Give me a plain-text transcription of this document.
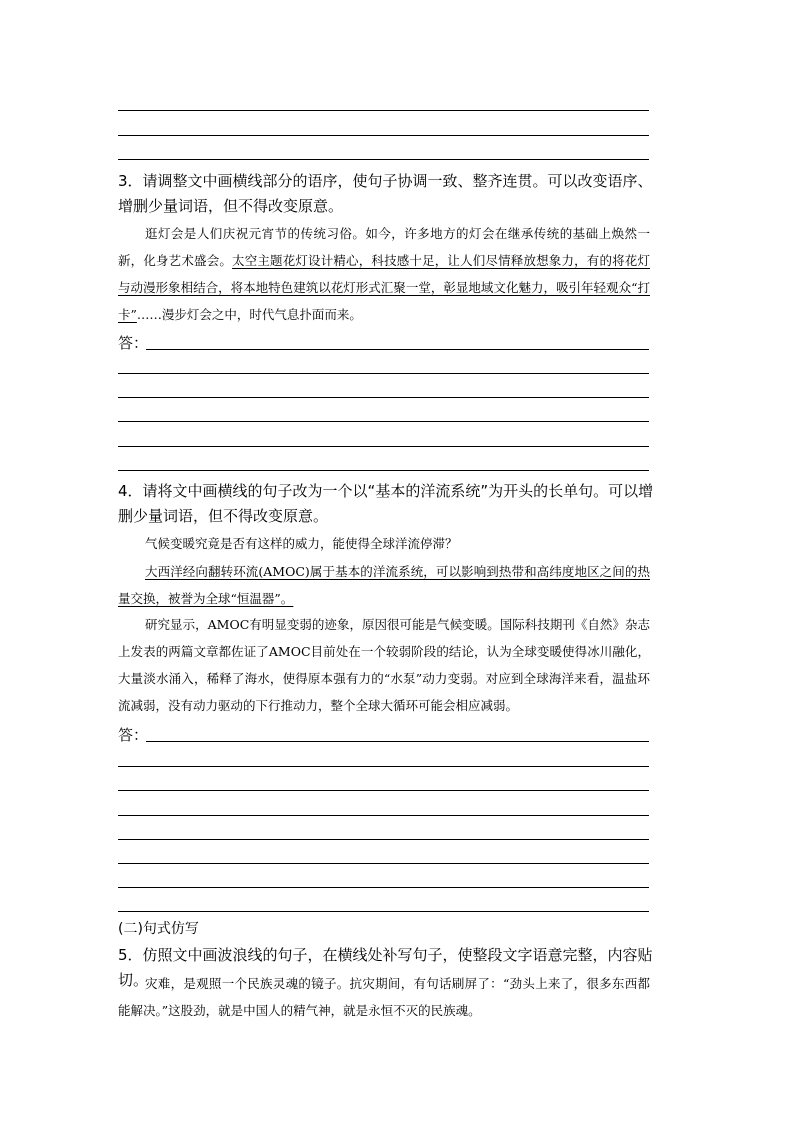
3．请调整文中画横线部分的语序，使句子协调一致、整齐连贯。可以改变语序、增删少量词语，但不得改变原意。
逛灯会是人们庆祝元宵节的传统习俗。如今，许多地方的灯会在继承传统的基础上焕然一新，化身艺术盛会。太空主题花灯设计精心，科技感十足，让人们尽情释放想象力，有的将花灯与动漫形象相结合，将本地特色建筑以花灯形式汇聚一堂，彰显地域文化魅力，吸引年轻观众“打卡”……漫步灯会之中，时代气息扑面而来。
答：
4．请将文中画横线的句子改为一个以“基本的洋流系统”为开头的长单句。可以增删少量词语，但不得改变原意。
气候变暖究竟是否有这样的威力，能使得全球洋流停滞？
大西洋经向翻转环流(AMOC)属于基本的洋流系统，可以影响到热带和高纬度地区之间的热量交换，被誉为全球“恒温器”。
研究显示，AMOC有明显变弱的迹象，原因很可能是气候变暖。国际科技期刊《自然》杂志上发表的两篇文章都佐证了AMOC目前处在一个较弱阶段的结论，认为全球变暖使得冰川融化，大量淡水涌入，稀释了海水，使得原本强有力的“水泵”动力变弱。对应到全球海洋来看，温盐环流减弱，没有动力驱动的下行推动力，整个全球大循环可能会相应减弱。
答：
(二)句式仿写
5．仿照文中画波浪线的句子，在横线处补写句子，使整段文字语意完整，内容贴切。
灾难，是观照一个民族灵魂的镜子。抗灾期间，有句话刷屏了：“劲头上来了，很多东西都能解决。”这股劲，就是中国人的精气神，就是永恒不灭的民族魂。
